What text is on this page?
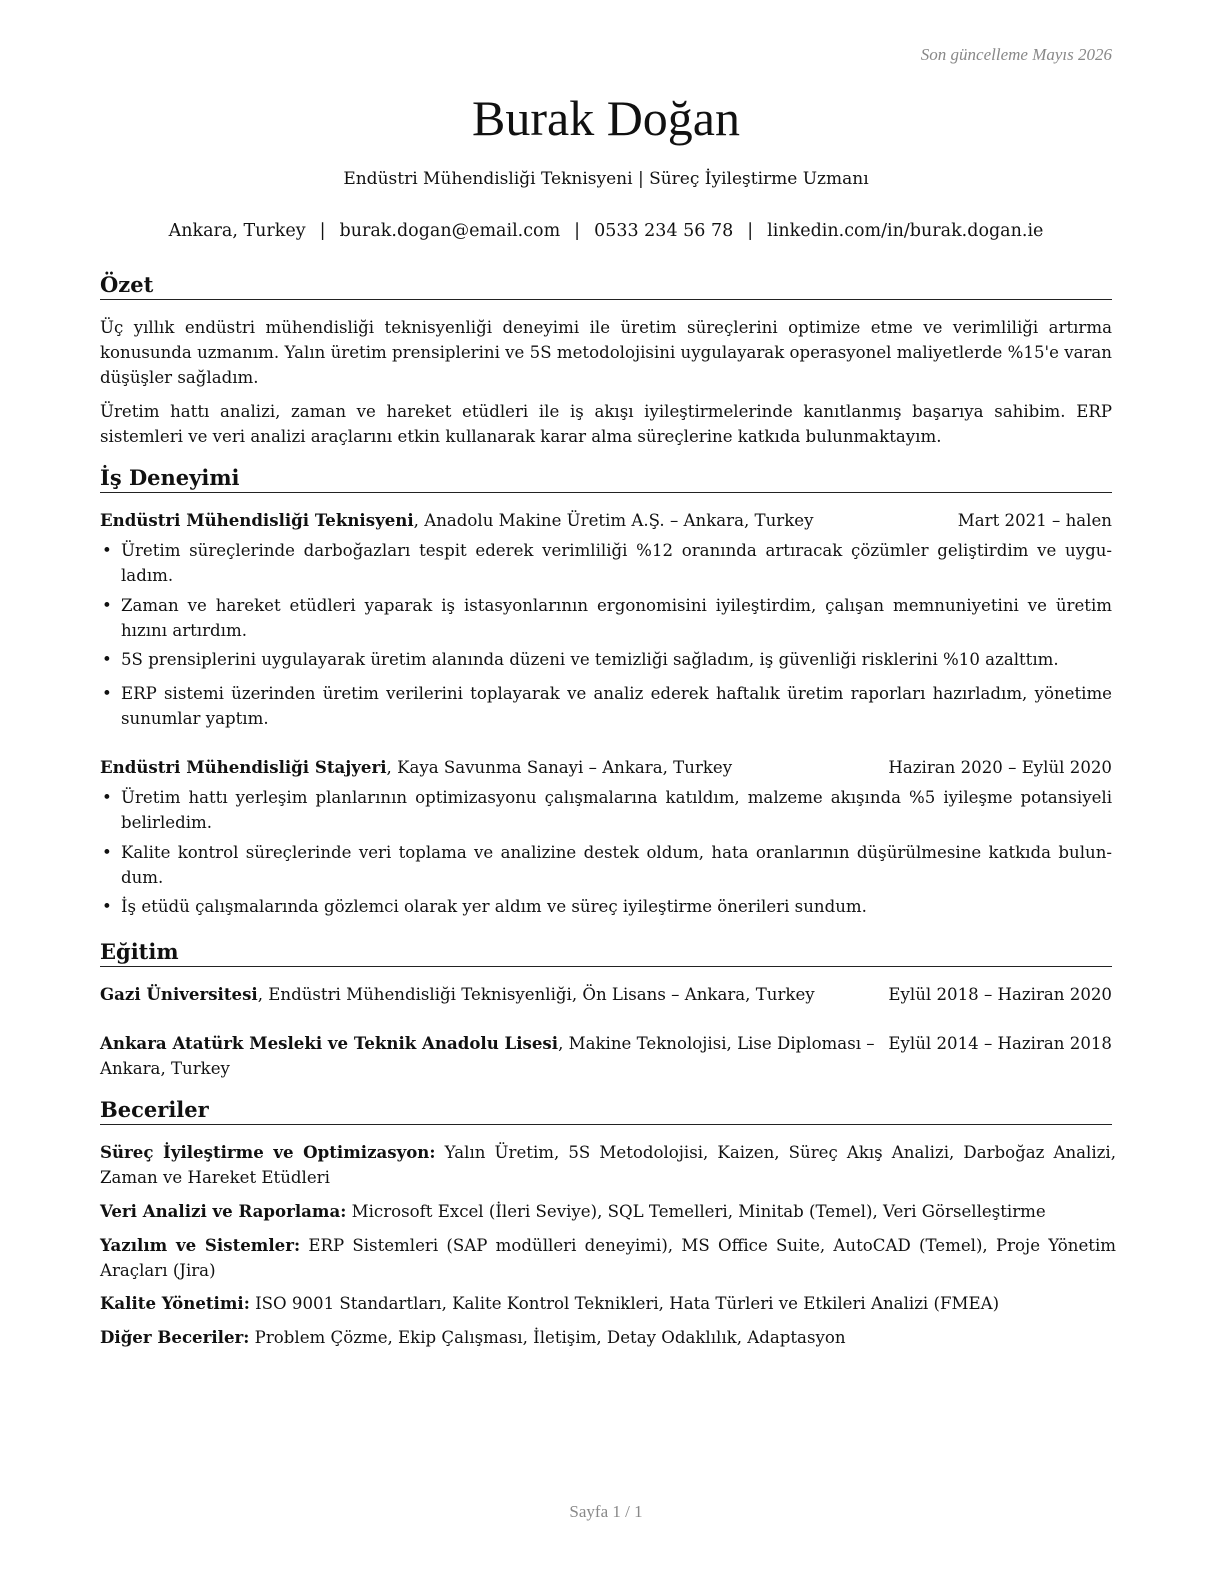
Son güncelleme Mayıs 2026
Burak Doğan
Endüstri Mühendisliği Teknisyeni | Süreç İyileştirme Uzmanı
Ankara, Turkey | burak.dogan@email.com | 0533 234 56 78 | linkedin.com/in/burak.dogan.ie
Özet
Üç yıllık endüstri mühendisliği teknisyenliği deneyimi ile üretim süreçlerini optimize etme ve verimliliği artırma konusunda uzmanım. Yalın üretim prensiplerini ve 5S metodolojisini uygulayarak operasyonel maliyetlerde %15'e varan düşüşler sağladım.
Üretim hattı analizi, zaman ve hareket etüdleri ile iş akışı iyileştirmelerinde kanıtlanmış başarıya sahibim. ERP sistemleri ve veri analizi araçlarını etkin kullanarak karar alma süreçlerine katkıda bulunmaktayım.
İş Deneyimi
Endüstri Mühendisliği Teknisyeni, Anadolu Makine Üretim A.Ş. – Ankara, Turkey	Mart 2021 – halen
• Üretim süreçlerinde darboğazları tespit ederek verimliliği %12 oranında artıracak çözümler geliştirdim ve uygu-ladım.
• Zaman ve hareket etüdleri yaparak iş istasyonlarının ergonomisini iyileştirdim, çalışan memnuniyetini ve üretim hızını artırdım.
• 5S prensiplerini uygulayarak üretim alanında düzeni ve temizliği sağladım, iş güvenliği risklerini %10 azalttım.
• ERP sistemi üzerinden üretim verilerini toplayarak ve analiz ederek haftalık üretim raporları hazırladım, yönetime sunumlar yaptım.
Endüstri Mühendisliği Stajyeri, Kaya Savunma Sanayi – Ankara, Turkey	Haziran 2020 – Eylül 2020
• Üretim hattı yerleşim planlarının optimizasyonu çalışmalarına katıldım, malzeme akışında %5 iyileşme potansiyeli belirledim.
• Kalite kontrol süreçlerinde veri toplama ve analizine destek oldum, hata oranlarının düşürülmesine katkıda bulun-dum.
• İş etüdü çalışmalarında gözlemci olarak yer aldım ve süreç iyileştirme önerileri sundum.
Eğitim
Gazi Üniversitesi, Endüstri Mühendisliği Teknisyenliği, Ön Lisans – Ankara, Turkey	Eylül 2018 – Haziran 2020
Ankara Atatürk Mesleki ve Teknik Anadolu Lisesi, Makine Teknolojisi, Lise Diploması – Ankara, Turkey
Eylül 2014 – Haziran 2018
Beceriler
Süreç İyileştirme ve Optimizasyon: Yalın Üretim, 5S Metodolojisi, Kaizen, Süreç Akış Analizi, Darboğaz Analizi, Zaman ve Hareket Etüdleri
Veri Analizi ve Raporlama: Microsoft Excel (İleri Seviye), SQL Temelleri, Minitab (Temel), Veri Görselleştirme
Yazılım ve Sistemler: ERP Sistemleri (SAP modülleri deneyimi), MS Office Suite, AutoCAD (Temel), Proje Yönetim Araçları (Jira)
Kalite Yönetimi: ISO 9001 Standartları, Kalite Kontrol Teknikleri, Hata Türleri ve Etkileri Analizi (FMEA)
Diğer Beceriler: Problem Çözme, Ekip Çalışması, İletişim, Detay Odaklılık, Adaptasyon
Sayfa 1 / 1
